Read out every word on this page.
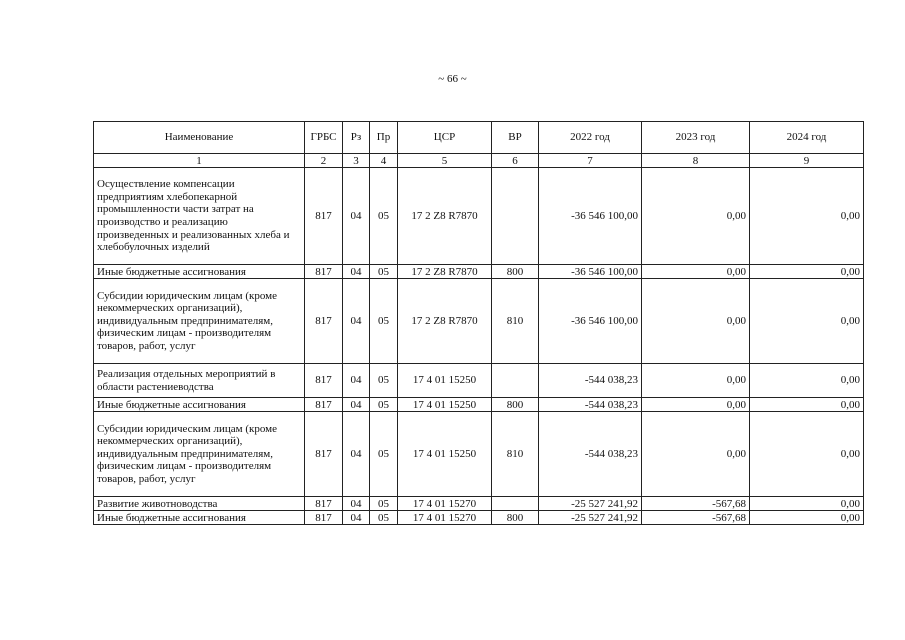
~ 66 ~
Наименование	ГРБС	Рз	Пр	ЦСР	ВР	2022 год	2023 год	2024 год
1	2	3	4	5	6	7	8	9
Осуществление компенсации предприятиям хлебопекарной промышленности части затрат на производство и реализацию произведенных и реализованных хлеба и хлебобулочных изделий	817	04	05	17 2 Z8 R7870		-36 546 100,00	0,00	0,00
Иные бюджетные ассигнования	817	04	05	17 2 Z8 R7870	800	-36 546 100,00	0,00	0,00
Субсидии юридическим лицам (кроме некоммерческих организаций), индивидуальным предпринимателям, физическим лицам - производителям товаров, работ, услуг	817	04	05	17 2 Z8 R7870	810	-36 546 100,00	0,00	0,00
Реализация отдельных мероприятий в области растениеводства	817	04	05	17 4 01 15250		-544 038,23	0,00	0,00
Иные бюджетные ассигнования	817	04	05	17 4 01 15250	800	-544 038,23	0,00	0,00
Субсидии юридическим лицам (кроме некоммерческих организаций), индивидуальным предпринимателям, физическим лицам - производителям товаров, работ, услуг	817	04	05	17 4 01 15250	810	-544 038,23	0,00	0,00
Развитие животноводства	817	04	05	17 4 01 15270		-25 527 241,92	-567,68	0,00
Иные бюджетные ассигнования	817	04	05	17 4 01 15270	800	-25 527 241,92	-567,68	0,00
